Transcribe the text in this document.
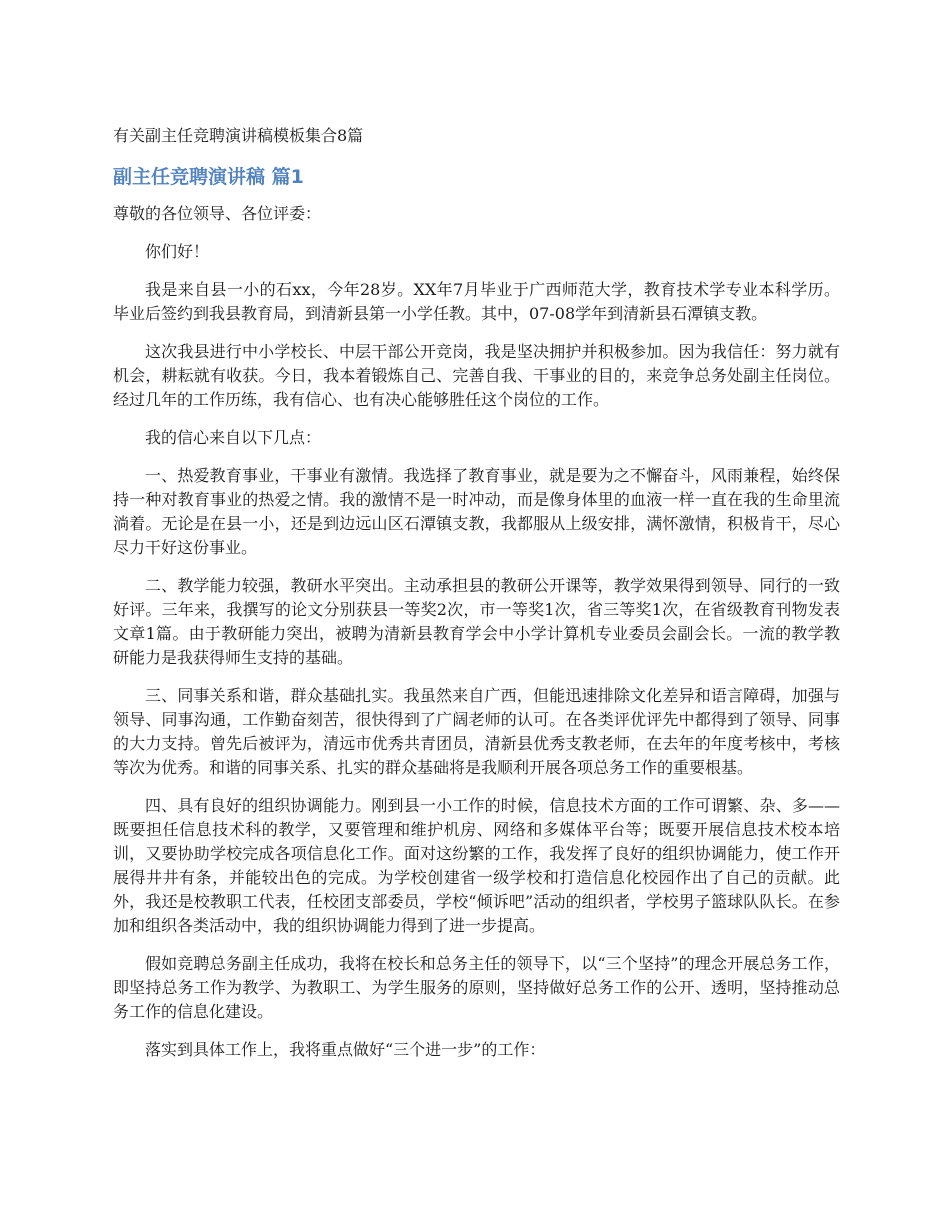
有关副主任竞聘演讲稿模板集合8篇
副主任竞聘演讲稿 篇1
尊敬的各位领导、各位评委：

你们好！

我是来自县一小的石xx，今年28岁。XX年7月毕业于广西师范大学，教育技术学专业本科学历。毕业后签约到我县教育局，到清新县第一小学任教。其中，07-08学年到清新县石潭镇支教。

这次我县进行中小学校长、中层干部公开竞岗，我是坚决拥护并积极参加。因为我信任：努力就有机会，耕耘就有收获。今日，我本着锻炼自己、完善自我、干事业的目的，来竞争总务处副主任岗位。经过几年的工作历练，我有信心、也有决心能够胜任这个岗位的工作。

我的信心来自以下几点：

一、热爱教育事业，干事业有激情。我选择了教育事业，就是要为之不懈奋斗，风雨兼程，始终保持一种对教育事业的热爱之情。我的激情不是一时冲动，而是像身体里的血液一样一直在我的生命里流淌着。无论是在县一小，还是到边远山区石潭镇支教，我都服从上级安排，满怀激情，积极肯干，尽心尽力干好这份事业。

二、教学能力较强，教研水平突出。主动承担县的教研公开课等，教学效果得到领导、同行的一致好评。三年来，我撰写的论文分别获县一等奖2次，市一等奖1次，省三等奖1次，在省级教育刊物发表文章1篇。由于教研能力突出，被聘为清新县教育学会中小学计算机专业委员会副会长。一流的教学教研能力是我获得师生支持的基础。

三、同事关系和谐，群众基础扎实。我虽然来自广西，但能迅速排除文化差异和语言障碍，加强与领导、同事沟通，工作勤奋刻苦，很快得到了广阔老师的认可。在各类评优评先中都得到了领导、同事的大力支持。曾先后被评为，清远市优秀共青团员，清新县优秀支教老师，在去年的年度考核中，考核等次为优秀。和谐的同事关系、扎实的群众基础将是我顺利开展各项总务工作的重要根基。

四、具有良好的组织协调能力。刚到县一小工作的时候，信息技术方面的工作可谓繁、杂、多——既要担任信息技术科的教学，又要管理和维护机房、网络和多媒体平台等；既要开展信息技术校本培训，又要协助学校完成各项信息化工作。面对这纷繁的工作，我发挥了良好的组织协调能力，使工作开展得井井有条，并能较出色的完成。为学校创建省一级学校和打造信息化校园作出了自己的贡献。此外，我还是校教职工代表，任校团支部委员，学校“倾诉吧”活动的组织者，学校男子篮球队队长。在参加和组织各类活动中，我的组织协调能力得到了进一步提高。

假如竞聘总务副主任成功，我将在校长和总务主任的领导下，以“三个坚持”的理念开展总务工作，即坚持总务工作为教学、为教职工、为学生服务的原则，坚持做好总务工作的公开、透明，坚持推动总务工作的信息化建设。

落实到具体工作上，我将重点做好“三个进一步”的工作：
